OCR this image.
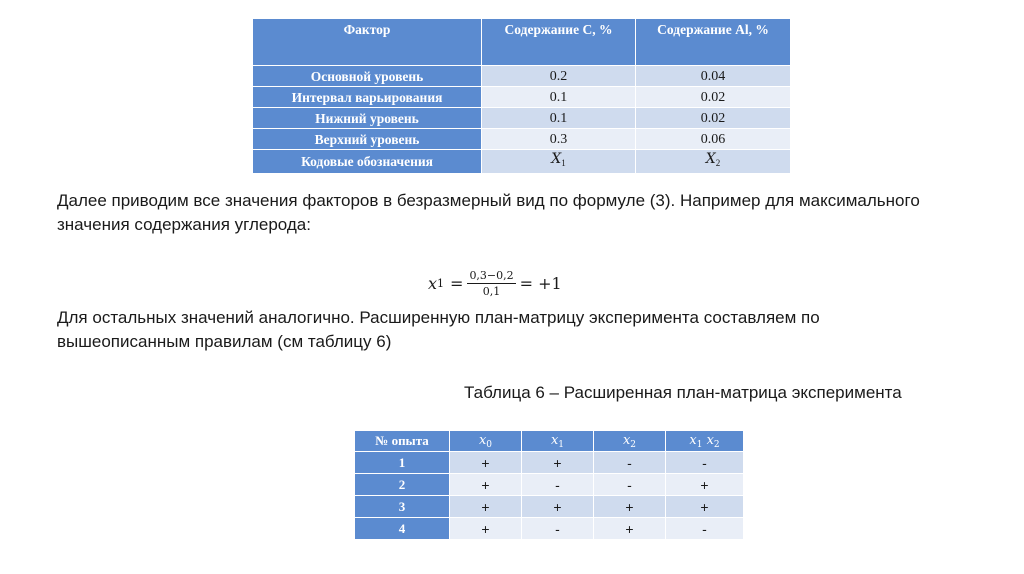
Фактор	Содержание С, %	Содержание Al, %

Основной уровень	0.2	0.04
Интервал варьирования	0.1	0.02
Нижний уровень	0.1	0.02
Верхний уровень	0.3	0.06
Кодовые обозначения	$X_1$	$X_2$

Далее приводим все значения факторов в безразмерный вид по формуле (3). Например для максимального значения содержания углерода:

x $1 = \frac{0,3-0,2}{0,1} = +1$

Для остальных значений аналогично. Расширенную план-матрицу эксперимента составляем по вышеописанным правилам (см таблицу 6)

Таблица 6 – Расширенная план-матрица эксперимента
№ опыта	$x_0$	$x_1$	$x_2$	$x_1$ $x_2$
1	+	+	-	-
2	+	-	-	+
3	+	+	+	+
4	+	-	+	-
